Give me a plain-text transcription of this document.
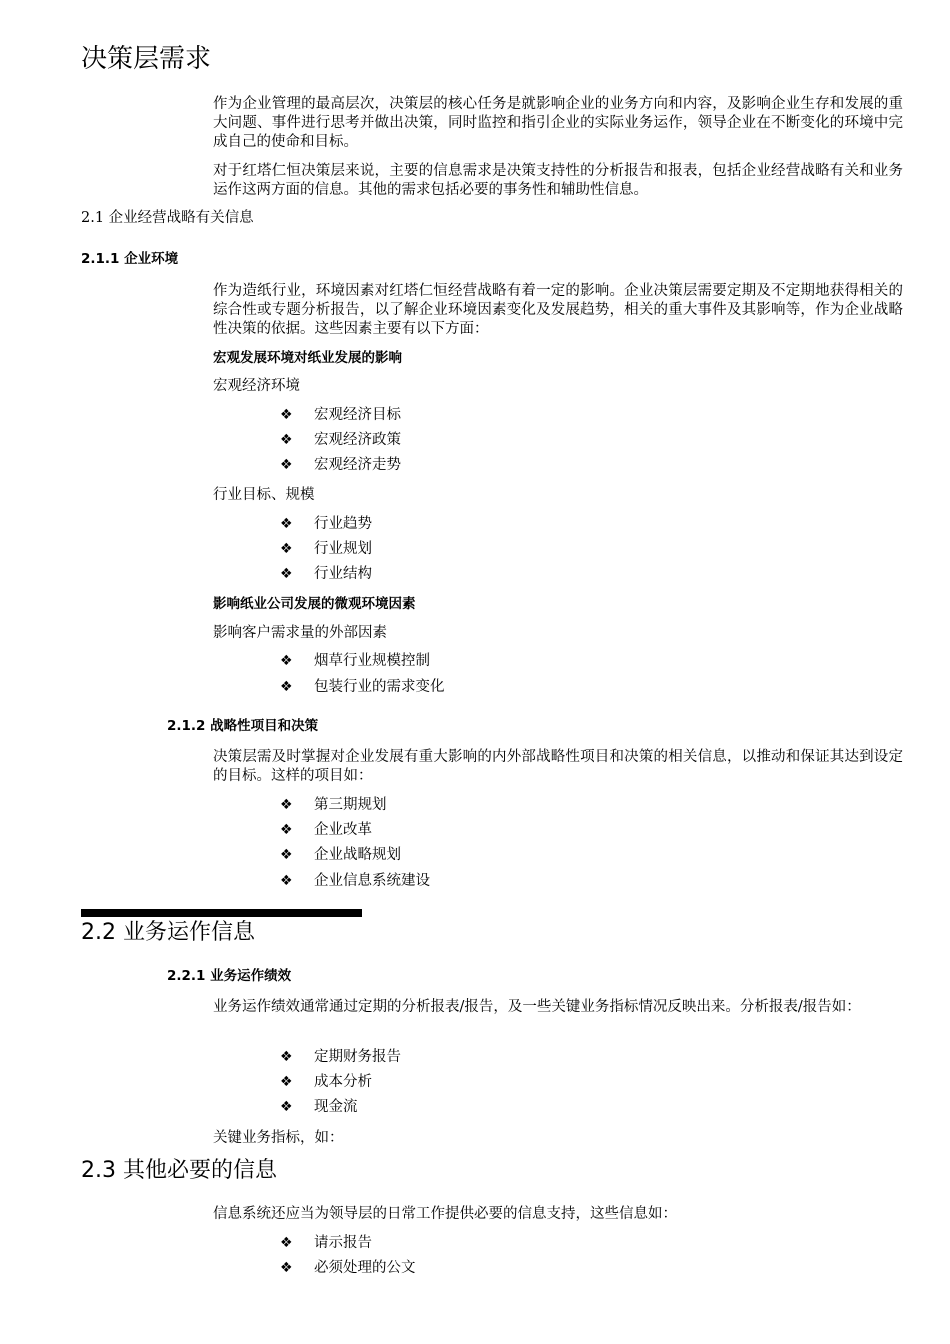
决策层需求
作为企业管理的最高层次，决策层的核心任务是就影响企业的业务方向和内容，及影响企业生存和发展的重大问题、事件进行思考并做出决策，同时监控和指引企业的实际业务运作，领导企业在不断变化的环境中完成自己的使命和目标。
对于红塔仁恒决策层来说，主要的信息需求是决策支持性的分析报告和报表，包括企业经营战略有关和业务运作这两方面的信息。其他的需求包括必要的事务性和辅助性信息。
2.1 企业经营战略有关信息
2.1.1 企业环境
作为造纸行业，环境因素对红塔仁恒经营战略有着一定的影响。企业决策层需要定期及不定期地获得相关的综合性或专题分析报告，以了解企业环境因素变化及发展趋势，相关的重大事件及其影响等，作为企业战略性决策的依据。这些因素主要有以下方面：
宏观发展环境对纸业发展的影响
宏观经济环境
❖ 宏观经济目标
❖ 宏观经济政策
❖ 宏观经济走势
行业目标、规模
❖ 行业趋势
❖ 行业规划
❖ 行业结构
影响纸业公司发展的微观环境因素
影响客户需求量的外部因素
❖ 烟草行业规模控制
❖ 包装行业的需求变化
2.1.2 战略性项目和决策
决策层需及时掌握对企业发展有重大影响的内外部战略性项目和决策的相关信息，以推动和保证其达到设定的目标。这样的项目如：
❖ 第三期规划
❖ 企业改革
❖ 企业战略规划
❖ 企业信息系统建设
2.2 业务运作信息
2.2.1 业务运作绩效
业务运作绩效通常通过定期的分析报表/报告，及一些关键业务指标情况反映出来。分析报表/报告如：
❖ 定期财务报告
❖ 成本分析
❖ 现金流
关键业务指标，如：
2.3 其他必要的信息
信息系统还应当为领导层的日常工作提供必要的信息支持，这些信息如：
❖ 请示报告
❖ 必须处理的公文
